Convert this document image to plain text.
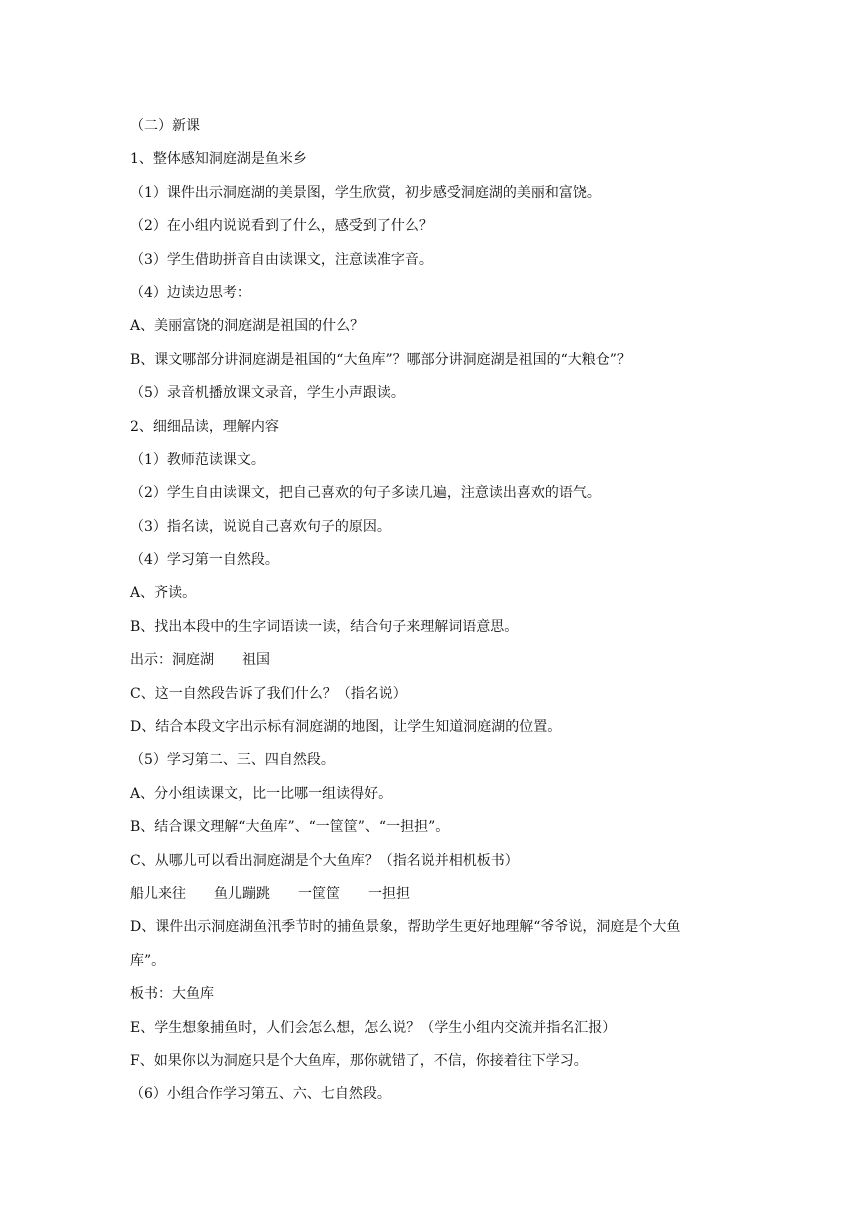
（二）新课

1、整体感知洞庭湖是鱼米乡

（1）课件出示洞庭湖的美景图，学生欣赏，初步感受洞庭湖的美丽和富饶。

（2）在小组内说说看到了什么，感受到了什么？

（3）学生借助拼音自由读课文，注意读准字音。

（4）边读边思考：

A、美丽富饶的洞庭湖是祖国的什么？

B、课文哪部分讲洞庭湖是祖国的“大鱼库”？哪部分讲洞庭湖是祖国的“大粮仓”？

（5）录音机播放课文录音，学生小声跟读。

2、细细品读，理解内容

（1）教师范读课文。

（2）学生自由读课文，把自己喜欢的句子多读几遍，注意读出喜欢的语气。

（3）指名读，说说自己喜欢句子的原因。

（4）学习第一自然段。

A、齐读。

B、找出本段中的生字词语读一读，结合句子来理解词语意思。

出示：洞庭湖　　祖国

C、这一自然段告诉了我们什么？（指名说）

D、结合本段文字出示标有洞庭湖的地图，让学生知道洞庭湖的位置。

（5）学习第二、三、四自然段。

A、分小组读课文，比一比哪一组读得好。

B、结合课文理解“大鱼库”、“一筐筐”、“一担担”。

C、从哪儿可以看出洞庭湖是个大鱼库？（指名说并相机板书）

船儿来往　　鱼儿蹦跳　　一筐筐　　一担担

D、课件出示洞庭湖鱼汛季节时的捕鱼景象，帮助学生更好地理解“爷爷说，洞庭是个大鱼

库”。

板书：大鱼库

E、学生想象捕鱼时，人们会怎么想，怎么说？（学生小组内交流并指名汇报）

F、如果你以为洞庭只是个大鱼库，那你就错了，不信，你接着往下学习。

（6）小组合作学习第五、六、七自然段。
